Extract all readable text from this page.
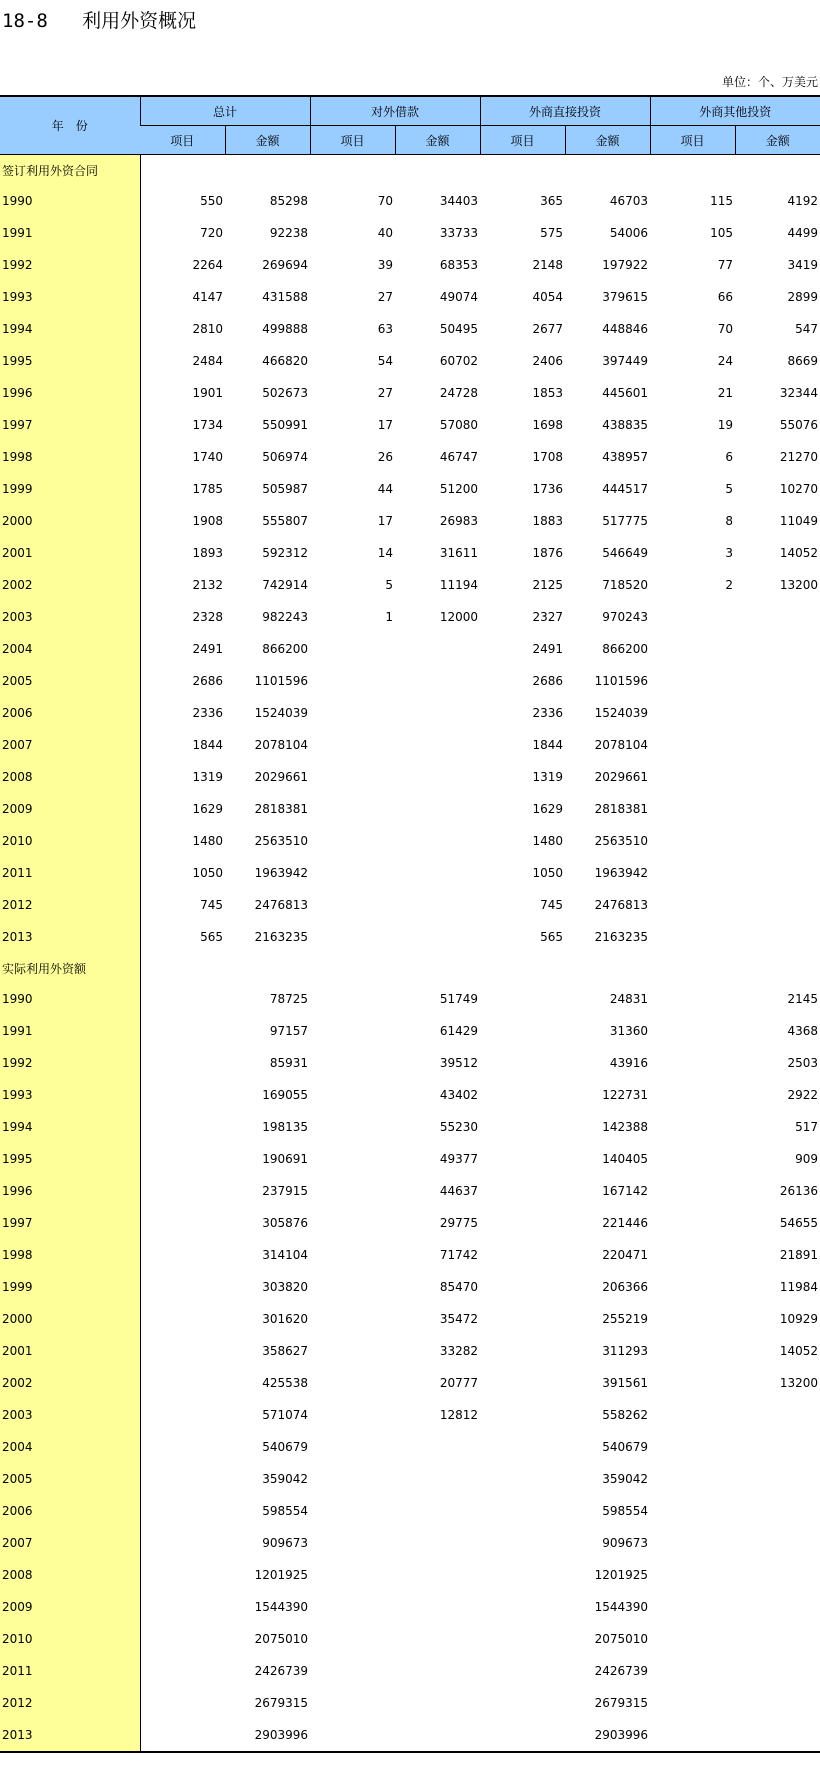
18-8   利用外资概况
单位：个、万美元
年　份	总计		对外借款		外商直接投资		外商其他投资	
	项目	金额	项目	金额	项目	金额	项目	金额
签订利用外资合同								
1990	550	85298	70	34403	365	46703	115	4192
1991	720	92238	40	33733	575	54006	105	4499
1992	2264	269694	39	68353	2148	197922	77	3419
1993	4147	431588	27	49074	4054	379615	66	2899
1994	2810	499888	63	50495	2677	448846	70	547
1995	2484	466820	54	60702	2406	397449	24	8669
1996	1901	502673	27	24728	1853	445601	21	32344
1997	1734	550991	17	57080	1698	438835	19	55076
1998	1740	506974	26	46747	1708	438957	6	21270
1999	1785	505987	44	51200	1736	444517	5	10270
2000	1908	555807	17	26983	1883	517775	8	11049
2001	1893	592312	14	31611	1876	546649	3	14052
2002	2132	742914	5	11194	2125	718520	2	13200
2003	2328	982243	1	12000	2327	970243		
2004	2491	866200			2491	866200		
2005	2686	1101596			2686	1101596		
2006	2336	1524039			2336	1524039		
2007	1844	2078104			1844	2078104		
2008	1319	2029661			1319	2029661		
2009	1629	2818381			1629	2818381		
2010	1480	2563510			1480	2563510		
2011	1050	1963942			1050	1963942		
2012	745	2476813			745	2476813		
2013	565	2163235			565	2163235		
实际利用外资额								
1990		78725		51749		24831		2145
1991		97157		61429		31360		4368
1992		85931		39512		43916		2503
1993		169055		43402		122731		2922
1994		198135		55230		142388		517
1995		190691		49377		140405		909
1996		237915		44637		167142		26136
1997		305876		29775		221446		54655
1998		314104		71742		220471		21891
1999		303820		85470		206366		11984
2000		301620		35472		255219		10929
2001		358627		33282		311293		14052
2002		425538		20777		391561		13200
2003		571074		12812		558262		
2004		540679				540679		
2005		359042				359042		
2006		598554				598554		
2007		909673				909673		
2008		1201925				1201925		
2009		1544390				1544390		
2010		2075010				2075010		
2011		2426739				2426739		
2012		2679315				2679315		
2013		2903996				2903996		
